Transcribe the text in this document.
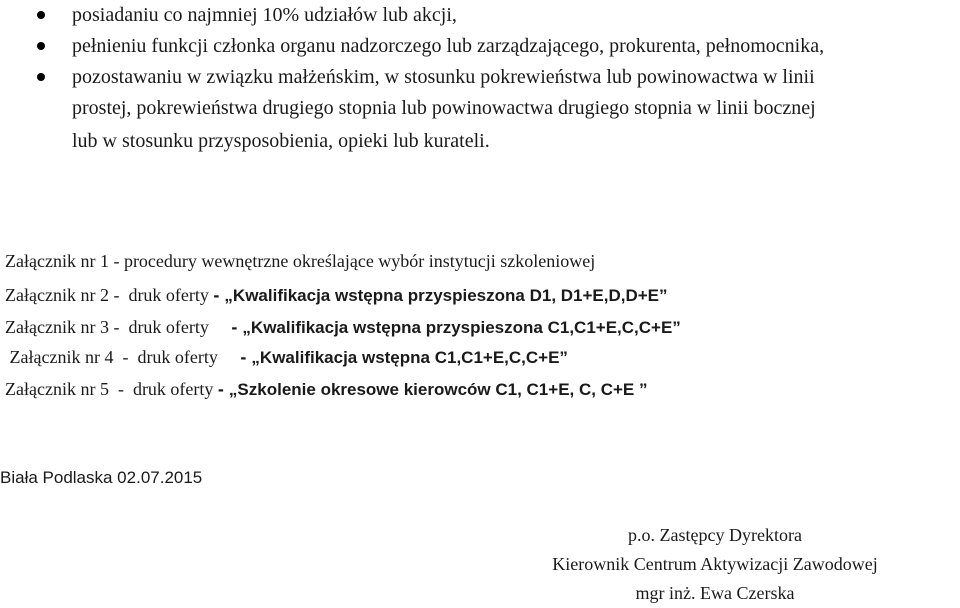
posiadaniu co najmniej 10% udziałów lub akcji,
pełnieniu funkcji członka organu nadzorczego lub zarządzającego, prokurenta, pełnomocnika,
pozostawaniu w związku małżeńskim, w stosunku pokrewieństwa lub powinowactwa w linii
prostej, pokrewieństwa drugiego stopnia lub powinowactwa drugiego stopnia w linii bocznej
lub w stosunku przysposobienia, opieki lub kurateli.
Załącznik nr 1 - procedury wewnętrzne określające wybór instytucji szkoleniowej
Załącznik nr 2 -  druk oferty - „Kwalifikacja wstępna przyspieszona D1, D1+E,D,D+E”
Załącznik nr 3 -  druk oferty     - „Kwalifikacja wstępna przyspieszona C1,C1+E,C,C+E”
Załącznik nr 4  -  druk oferty     - „Kwalifikacja wstępna C1,C1+E,C,C+E”
Załącznik nr 5  -  druk oferty - „Szkolenie okresowe kierowców C1, C1+E, C, C+E ”
Biała Podlaska 02.07.2015
p.o. Zastępcy Dyrektora
Kierownik Centrum Aktywizacji Zawodowej
mgr inż. Ewa Czerska
